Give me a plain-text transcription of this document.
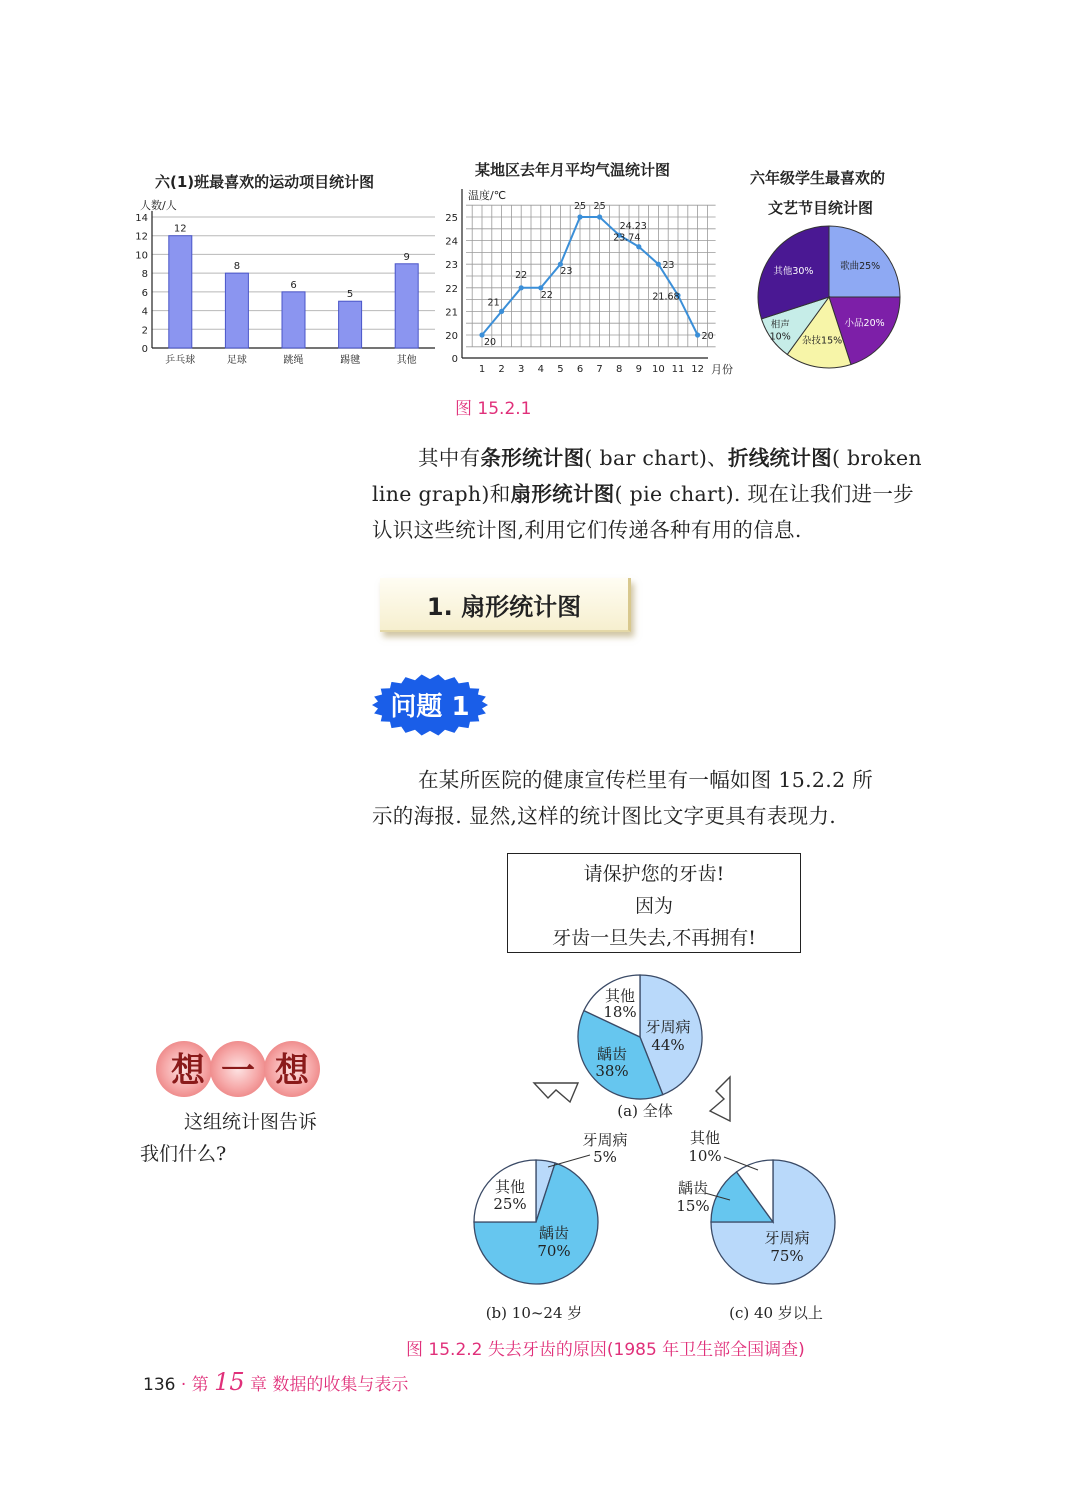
六(1)班最喜欢的运动项目统计图
人数/人
0
2
4
6
8
10
12
14
12
乒乓球
8
足球
6
跳绳
5
踢毽
9
其他
某地区去年月平均气温统计图
温度/℃
月份
0
20
21
22
23
24
25
1 2 3 4 5 6 7 8 9 10 11 12
20
21
22
22
23
25 25
24.23
23.74
23
21.68
20
六年级学生最喜欢的
文艺节目统计图
歌曲25%
小品20%
杂技15%
相声
10%
其他30%
图 15.2.1
其中有条形统计图( bar chart)、折线统计图( broken
line graph)和扇形统计图( pie chart). 现在让我们进一步
认识这些统计图,利用它们传递各种有用的信息.
1. 扇形统计图
问题 1
在某所医院的健康宣传栏里有一幅如图 15.2.2 所
示的海报. 显然,这样的统计图比文字更具有表现力.
请保护您的牙齿!
因为
牙齿一旦失去,不再拥有!
想 一 想
这组统计图告诉
我们什么?
其他
18%
牙周病
44%
龋齿
38%
(a) 全体
牙周病
5%
其他
25%
龋齿
70%
(b) 10~24 岁
其他
10%
龋齿
15%
牙周病
75%
(c) 40 岁以上
图 15.2.2 失去牙齿的原因(1985 年卫生部全国调查)
136 · 第 15 章 数据的收集与表示
